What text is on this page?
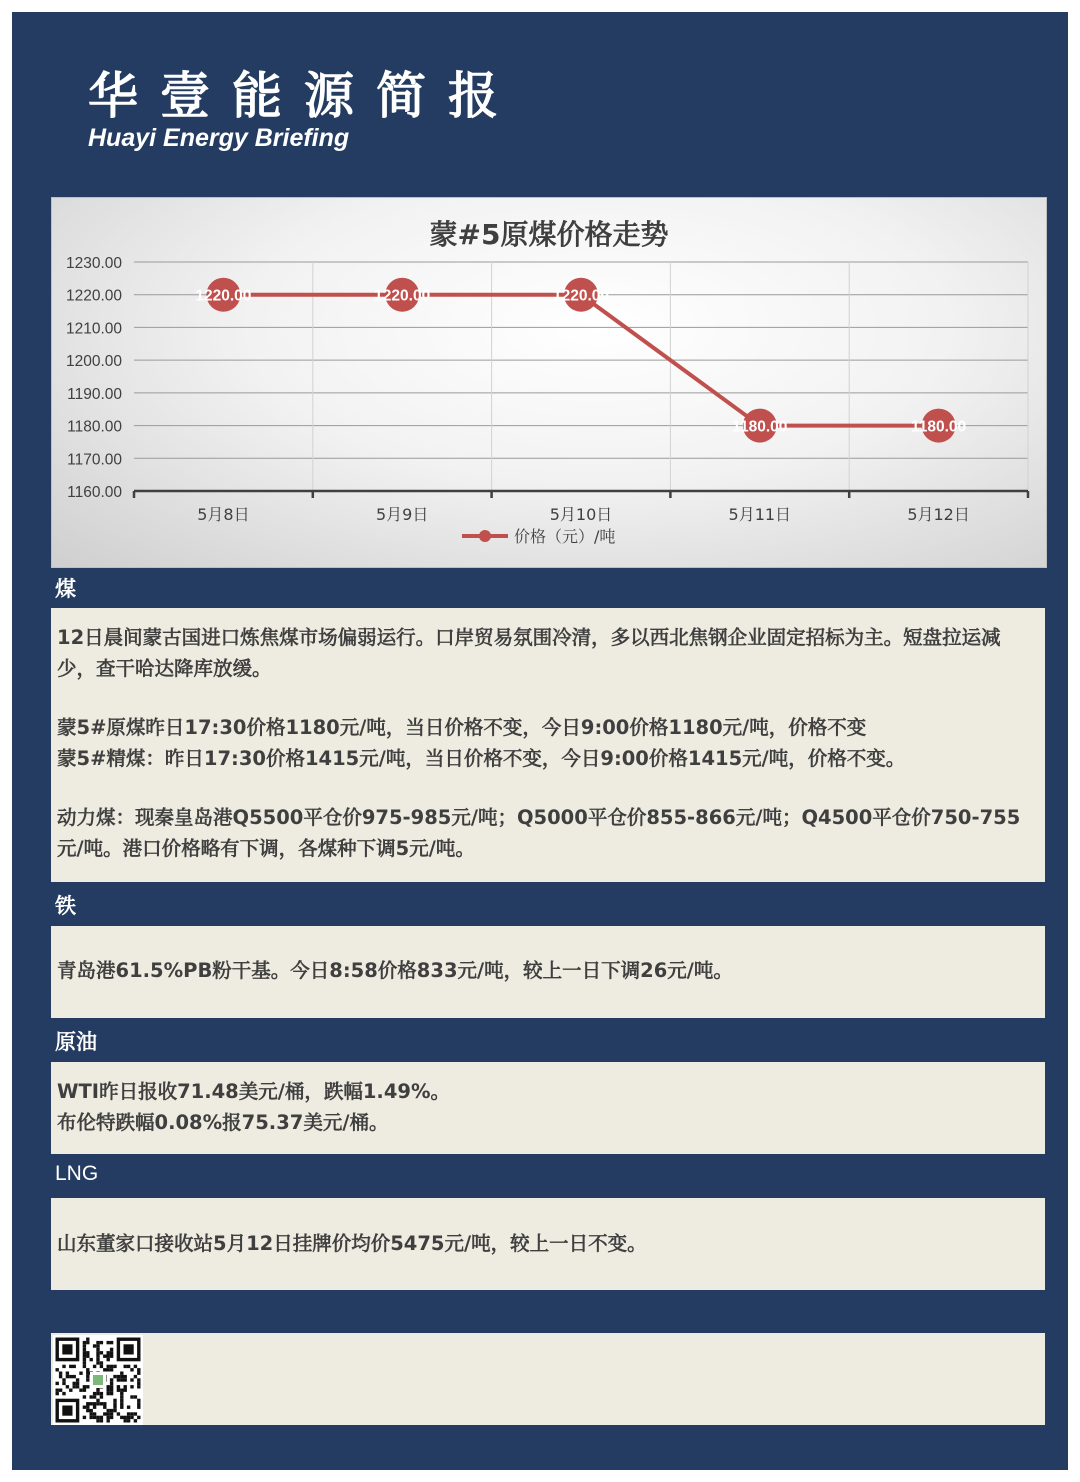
华壹能源简报
Huayi Energy Briefing
蒙#5原煤价格走势
1160.00
1170.00
1180.00
1190.00
1200.00
1210.00
1220.00
1230.00
5月8日	5月9日	5月10日	5月11日	5月12日
1220.00	1220.00	1220.00
1180.00	1180.00
价格（元）/吨
煤

12日晨间蒙古国进口炼焦煤市场偏弱运行。口岸贸易氛围冷清，多以西北焦钢企业固定招标为主。短盘拉运减少，查干哈达降库放缓。

蒙5#原煤昨日17:30价格1180元/吨，当日价格不变，今日9:00价格1180元/吨，价格不变

蒙5#精煤：昨日17:30价格1415元/吨，当日价格不变，今日9:00价格1415元/吨，价格不变。

动力煤：现秦皇岛港Q5500平仓价975-985元/吨；Q5000平仓价855-866元/吨；Q4500平仓价750-755元/吨。港口价格略有下调，各煤种下调5元/吨。

铁

青岛港61.5%PB粉干基。今日8:58价格833元/吨，较上一日下调26元/吨。

原油

WTI昨日报收71.48美元/桶，跌幅1.49%。

布伦特跌幅0.08%报75.37美元/桶。

LNG

山东董家口接收站5月12日挂牌价均价5475元/吨，较上一日不变。
